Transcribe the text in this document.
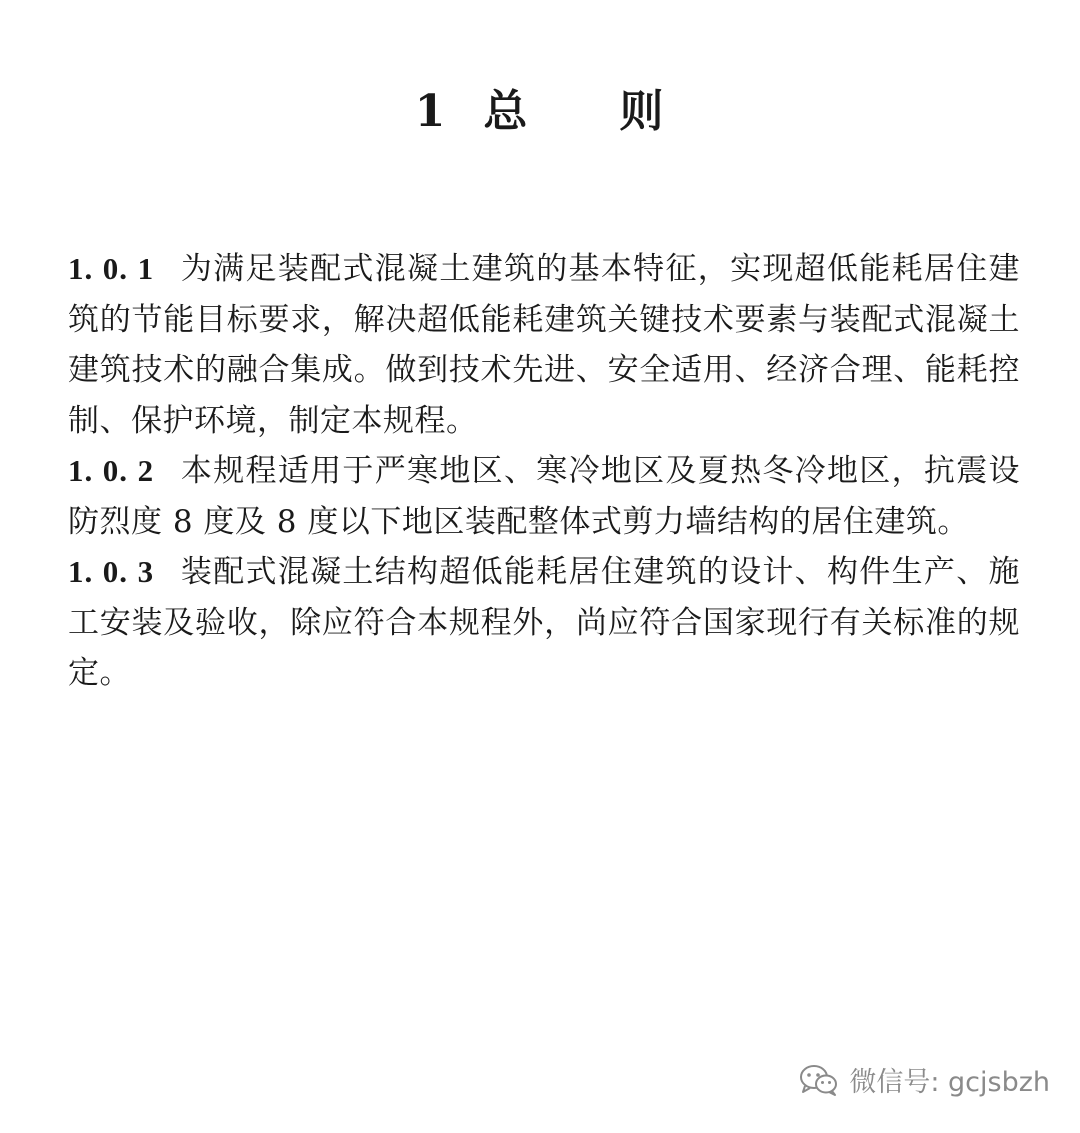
1 总 则

1. 0. 1 为满足装配式混凝土建筑的基本特征，实现超低能耗居住建筑的节能目标要求，解决超低能耗建筑关键技术要素与装配式混凝土建筑技术的融合集成。做到技术先进、安全适用、经济合理、能耗控制、保护环境，制定本规程。

1. 0. 2 本规程适用于严寒地区、寒冷地区及夏热冬冷地区，抗震设防烈度 8 度及 8 度以下地区装配整体式剪力墙结构的居住建筑。

1. 0. 3 装配式混凝土结构超低能耗居住建筑的设计、构件生产、施工安装及验收，除应符合本规程外，尚应符合国家现行有关标准的规定。

微信号: gcjsbzh
